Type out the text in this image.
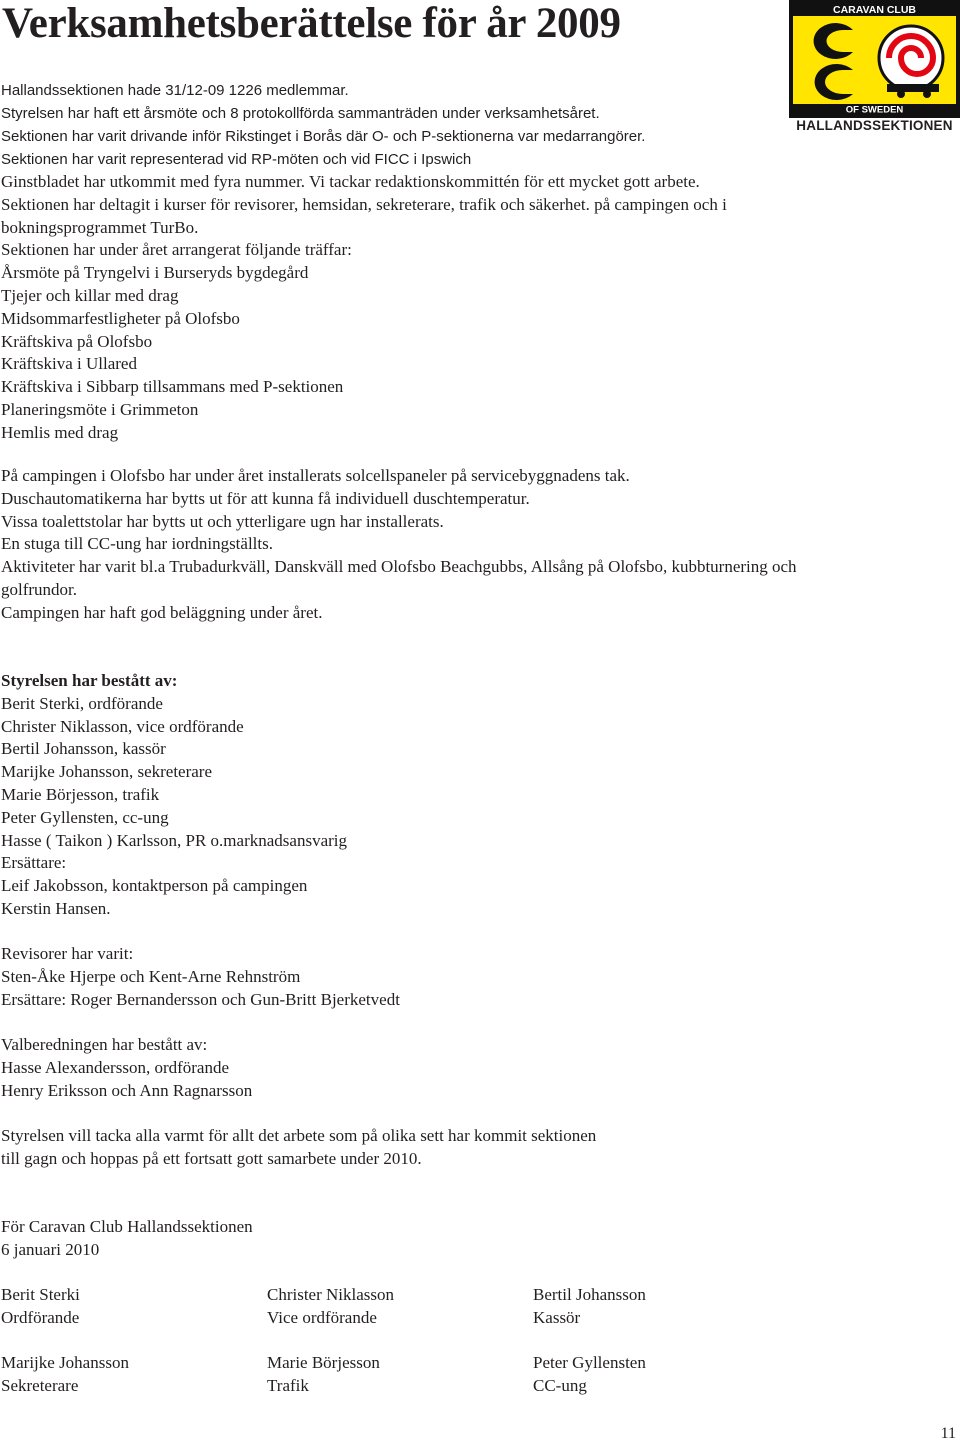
Verksamhetsberättelse för år 2009	CARAVAN CLUB
OF SWEDEN
HALLANDSSEKTIONEN
Hallandssektionen hade 31/12-09 1226 medlemmar.
Styrelsen har haft ett årsmöte och 8 protokollförda sammanträden under verksamhetsåret.
Sektionen har varit drivande inför Rikstinget i Borås där O- och P-sektionerna var medarrangörer.
Sektionen har varit representerad vid RP-möten och vid FICC i Ipswich
Ginstbladet har utkommit med fyra nummer. Vi tackar redaktionskommittén för ett mycket gott arbete.
Sektionen har deltagit i kurser för revisorer, hemsidan, sekreterare, trafik och säkerhet. på campingen och i
bokningsprogrammet TurBo.
Sektionen har under året arrangerat följande träffar:
Årsmöte på Tryngelvi i Burseryds bygdegård
Tjejer och killar med drag
Midsommarfestligheter på Olofsbo
Kräftskiva på Olofsbo
Kräftskiva i Ullared
Kräftskiva i Sibbarp tillsammans med P-sektionen
Planeringsmöte i Grimmeton
Hemlis med drag
På campingen i Olofsbo har under året installerats solcellspaneler på servicebyggnadens tak.
Duschautomatikerna har bytts ut för att kunna få individuell duschtemperatur.
Vissa toalettstolar har bytts ut och ytterligare ugn har installerats.
En stuga till CC-ung har iordningställts.
Aktiviteter har varit bl.a Trubadurkväll, Danskväll med Olofsbo Beachgubbs, Allsång på Olofsbo, kubbturnering och
golfrundor.
Campingen har haft god beläggning under året.
Styrelsen har bestått av:
Berit Sterki, ordförande
Christer Niklasson, vice ordförande
Bertil Johansson, kassör
Marijke Johansson, sekreterare
Marie Börjesson, trafik
Peter Gyllensten, cc-ung
Hasse ( Taikon ) Karlsson, PR o.marknadsansvarig
Ersättare:
Leif Jakobsson, kontaktperson på campingen
Kerstin Hansen.
Revisorer har varit:
Sten-Åke Hjerpe och Kent-Arne Rehnström
Ersättare: Roger Bernandersson och Gun-Britt Bjerketvedt
Valberedningen har bestått av:
Hasse Alexandersson, ordförande
Henry Eriksson och Ann Ragnarsson
Styrelsen vill tacka alla varmt för allt det arbete som på olika sett har kommit sektionen
till gagn och hoppas på ett fortsatt gott samarbete under 2010.
För Caravan Club Hallandssektionen
6 januari 2010
Berit Sterki
Ordförande
Marijke Johansson
Sekreterare
Christer Niklasson
Vice ordförande
Marie Börjesson
Trafik
Bertil Johansson
Kassör
Peter Gyllensten
CC-ung
11
